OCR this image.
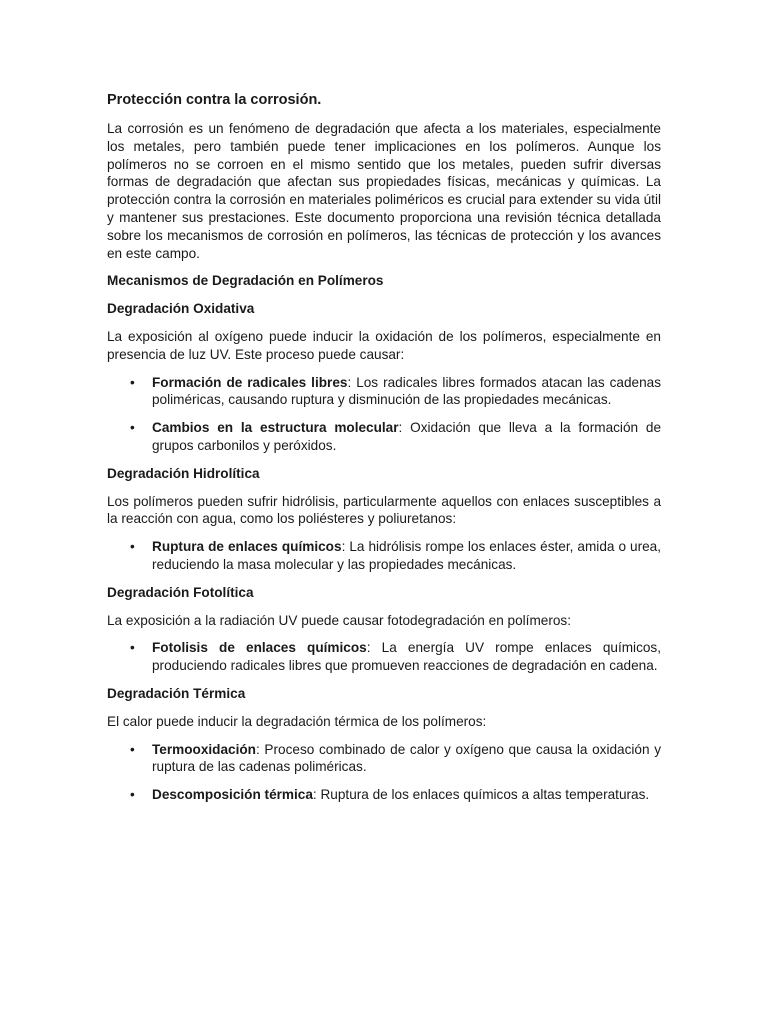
Protección contra la corrosión.

La corrosión es un fenómeno de degradación que afecta a los materiales, especialmente los metales, pero también puede tener implicaciones en los polímeros. Aunque los polímeros no se corroen en el mismo sentido que los metales, pueden sufrir diversas formas de degradación que afectan sus propiedades físicas, mecánicas y químicas. La protección contra la corrosión en materiales poliméricos es crucial para extender su vida útil y mantener sus prestaciones. Este documento proporciona una revisión técnica detallada sobre los mecanismos de corrosión en polímeros, las técnicas de protección y los avances en este campo.

Mecanismos de Degradación en Polímeros
Degradación Oxidativa

La exposición al oxígeno puede inducir la oxidación de los polímeros, especialmente en presencia de luz UV. Este proceso puede causar:

• Formación de radicales libres: Los radicales libres formados atacan las cadenas poliméricas, causando ruptura y disminución de las propiedades mecánicas.
• Cambios en la estructura molecular: Oxidación que lleva a la formación de grupos carbonilos y peróxidos.
Degradación Hidrolítica

Los polímeros pueden sufrir hidrólisis, particularmente aquellos con enlaces susceptibles a la reacción con agua, como los poliésteres y poliuretanos:

• Ruptura de enlaces químicos: La hidrólisis rompe los enlaces éster, amida o urea, reduciendo la masa molecular y las propiedades mecánicas.
Degradación Fotolítica

La exposición a la radiación UV puede causar fotodegradación en polímeros:

• Fotolisis de enlaces químicos: La energía UV rompe enlaces químicos, produciendo radicales libres que promueven reacciones de degradación en cadena.
Degradación Térmica

El calor puede inducir la degradación térmica de los polímeros:

• Termooxidación: Proceso combinado de calor y oxígeno que causa la oxidación y ruptura de las cadenas poliméricas.
• Descomposición térmica: Ruptura de los enlaces químicos a altas temperaturas.
